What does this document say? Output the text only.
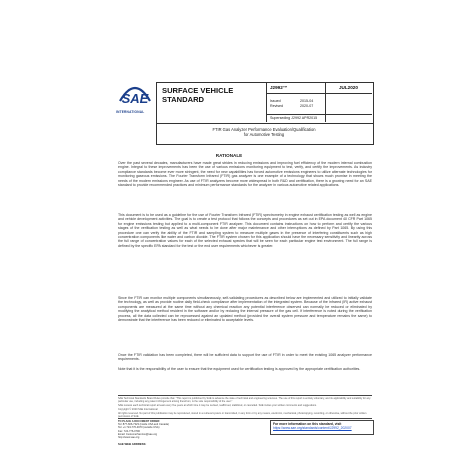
SAE
INTERNATIONAL
SURFACE VEHICLE
STANDARD
J2992™	JUL2020
Issued	2015-04
Revised	2020-07
Superseding J2992 APR2015
FTIR Gas Analyzer Performance Evaluation/Qualification
for Automotive Testing
RATIONALE

Over the past several decades, manufacturers have made great strides in reducing emissions and improving fuel efficiency of the modern internal combustion engine. Integral to these improvements has been the use of various emissions monitoring equipment to test, verify, and certify the improvements. As industry compliance standards become ever more stringent, the need for new capabilities has forced automotive emissions engineers to utilize alternate technologies for monitoring gaseous emissions. The Fourier Transform Infrared (FTIR) gas analyzer is one example of a technology that shows much promise in meeting the needs of the modern emissions engineer. As use of FTIR analyzers become more widespread in both R&D and certification, there is a growing need for an SAE standard to provide recommended practices and minimum performance standards for the analyzer in various automotive related applications.

This document is to be used as a guideline for the use of Fourier Transform Infrared (FTIR) spectrometry in engine exhaust certification testing as well as engine and vehicle development activities. The goal is to create a test protocol that follows the concepts and procedures as set out in EPA document 40 CFR Part 1065 for engine emissions testing but applied to a multi-component FTIR analyzer. This document contains instructions on how to perform and certify the various stages of the verification testing as well as what needs to be done after major maintenance and other interruptions as defined by Part 1065. By using this procedure one can verify the ability of the FTIR and sampling system to measure multiple gases in the presence of interfering constituents such as high concentration components like water and carbon dioxide. The FTIR system chosen for this application should have the necessary sensitivity and linearity across the full range of concentration values for each of the selected exhaust species that will be seen for each particular engine test environment. The full range is defined by the specific EPA standard for the test or the end user requirements whichever is greater.

Since the FTIR can monitor multiple components simultaneously, self-validating procedures as described below are implemented and utilized to initially validate the technology, as well as provide routine daily field-check compliance after implementation of the integrated system. Because of the infrared (IR) active exhaust components are measured at the same time without any chemical reaction any potential interference observed can normally be reduced or eliminated by modifying the analytical method resident in the software and/or by reducing the internal pressure of the gas cell. If interference is noted during the verification process, all the data collected can be reprocessed against an updated method (provided the overall system pressure and temperature remains the same) to demonstrate that the interference has been reduced or eliminated to acceptable levels.

Once the FTIR validation has been completed, there will be sufficient data to support the use of FTIR in order to meet the existing 1065 analyzer performance requirements.

Note that it is the responsibility of the user to ensure that the equipment used for certification testing is approved by the appropriate certification authorities.

SAE Technical Standards Board Rules provide that: "This report is published by SAE to advance the state of technical and engineering sciences. The use of this report is entirely voluntary, and its applicability and suitability for any particular use, including any patent infringement arising therefrom, is the sole responsibility of the user."

SAE reviews each technical report at least every five years at which time it may be revised, reaffirmed, stabilized, or cancelled. SAE invites your written comments and suggestions.

Copyright © 2020 SAE International

All rights reserved. No part of this publication may be reproduced, stored in a retrieval system or transmitted, in any form or by any means, electronic, mechanical, photocopying, recording, or otherwise, without the prior written permission of SAE.

TO PLACE A DOCUMENT ORDER:
Tel: 877-606-7323 (inside USA and Canada)
Tel: +1 724-776-4970 (outside USA)
Fax: 724-776-0790
Email: CustomerService@sae.org
http://www.sae.org
For more information on this standard, visit
https://www.sae.org/standards/content/J2992_202007
SAE WEB ADDRESS:
